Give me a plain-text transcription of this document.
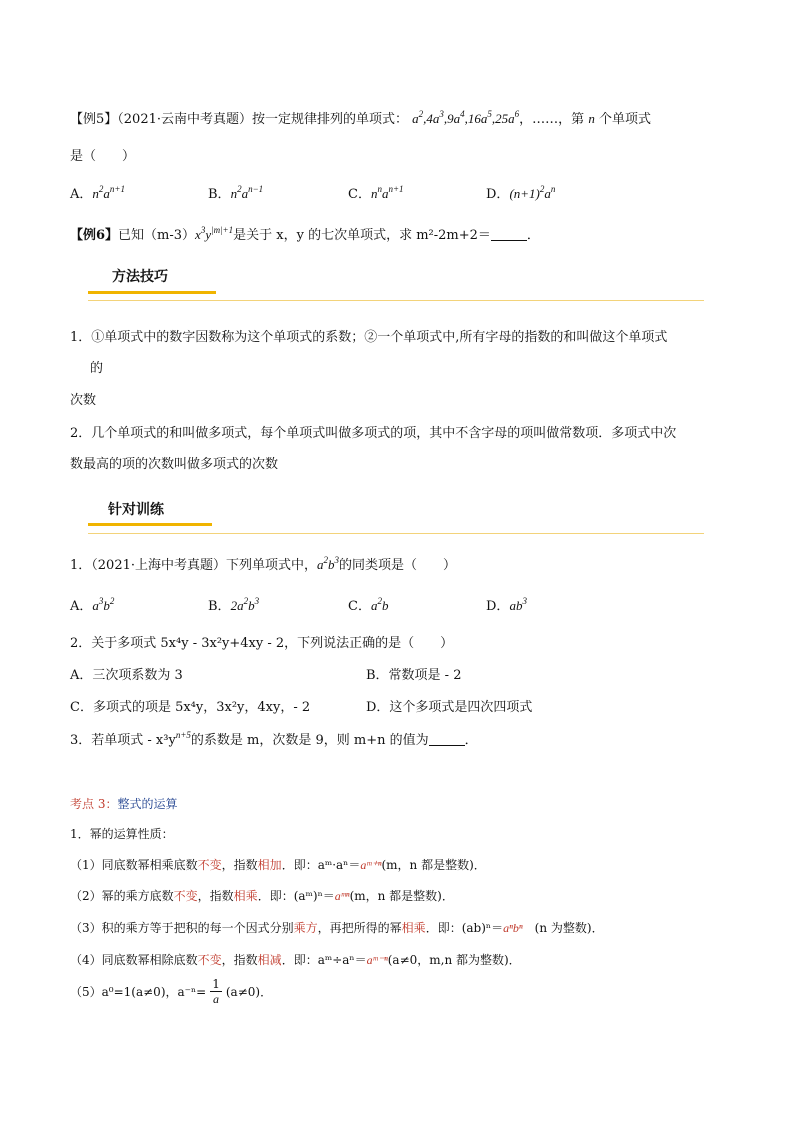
【例5】（2021·云南中考真题）按一定规律排列的单项式： $a^2,4a^3,9a^4,16a^5,25a^6$，……，第 n 个单项式
是（　　）
A．$n^2a^{n+1}$	B．$n^2a^{n-1}$	C．$n^na^{n+1}$	D．$(n+1)^2a^n$
【例6】已知$(m-3)x^3y^{|m|+1}$是关于 x，y 的七次单项式，求 m²-2m+2＝	．
方法技巧
1．①单项式中的数字因数称为这个单项式的系数；②一个单项式中,所有字母的指数的和叫做这个单项式
的
次数
2．几个单项式的和叫做多项式，每个单项式叫做多项式的项，其中不含字母的项叫做常数项．多项式中次
数最高的项的次数叫做多项式的次数
针对训练
1．（2021·上海中考真题）下列单项式中，$a^2b^3$的同类项是（　　）
A．$a^3b^2$	B．$2a^2b^3$	C．$a^2b$	D．$ab^3$
2．关于多项式 5x⁴y - 3x²y+4xy - 2，下列说法正确的是（　　）
A．三次项系数为 3	B．常数项是 - 2
C．多项式的项是 5x⁴y，3x²y，4xy，- 2	D．这个多项式是四次四项式
3．若单项式 - $x^3y^{n+5}$的系数是 m，次数是 9，则 m+n 的值为	．
考点 3：整式的运算
1．幂的运算性质：
（1）同底数幂相乘底数不变，指数相加．即：aᵐ·aⁿ＝aᵐ⁺ⁿ(m，n 都是整数)．
（2）幂的乘方底数不变，指数相乘．即：(aᵐ)ⁿ＝aᵐⁿ(m，n 都是整数)．
（3）积的乘方等于把积的每一个因式分别乘方，再把所得的幂相乘．即：(ab)ⁿ＝aⁿbⁿ　(n 为整数)．
（4）同底数幂相除底数不变，指数相减．即：aᵐ÷aⁿ＝aᵐ⁻ⁿ(a≠0，m,n 都为整数)．
（5）a⁰=1(a≠0)，$a^{-n}= \frac{1}{a} (a\ne 0)$．
